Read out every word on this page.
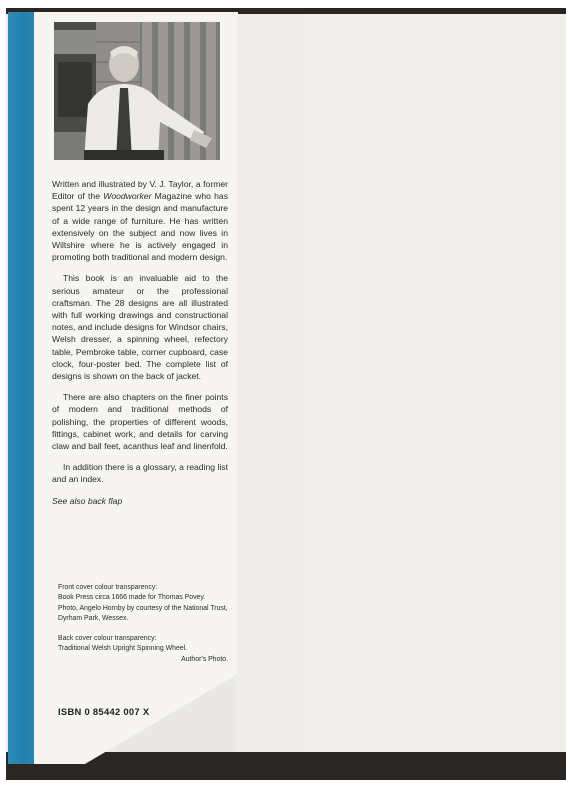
Written and illustrated by V. J. Taylor, a former Editor of the Woodworker Magazine who has spent 12 years in the design and manufacture of a wide range of furniture. He has written extensively on the subject and now lives in Wiltshire where he is actively engaged in promoting both traditional and modern design.

This book is an invaluable aid to the serious amateur or the professional craftsman. The 28 designs are all illustrated with full working drawings and constructional notes, and include designs for Windsor chairs, Welsh dresser, a spinning wheel, refectory table, Pembroke table, corner cupboard, case clock, four-poster bed. The complete list of designs is shown on the back of jacket.

There are also chapters on the finer points of modern and traditional methods of polishing, the properties of different woods, fittings, cabinet work, and details for carving claw and ball feet, acanthus leaf and linenfold.

In addition there is a glossary, a reading list and an index.

See also back flap
Front cover colour transparency:
Book Press circa 1666 made for Thomas Povey.
Photo, Angelo Hornby by courtesy of the National Trust, Dyrham Park, Wessex.
Back cover colour transparency:
Traditional Welsh Upright Spinning Wheel.
Author's Photo.
ISBN 0 85442 007 X
